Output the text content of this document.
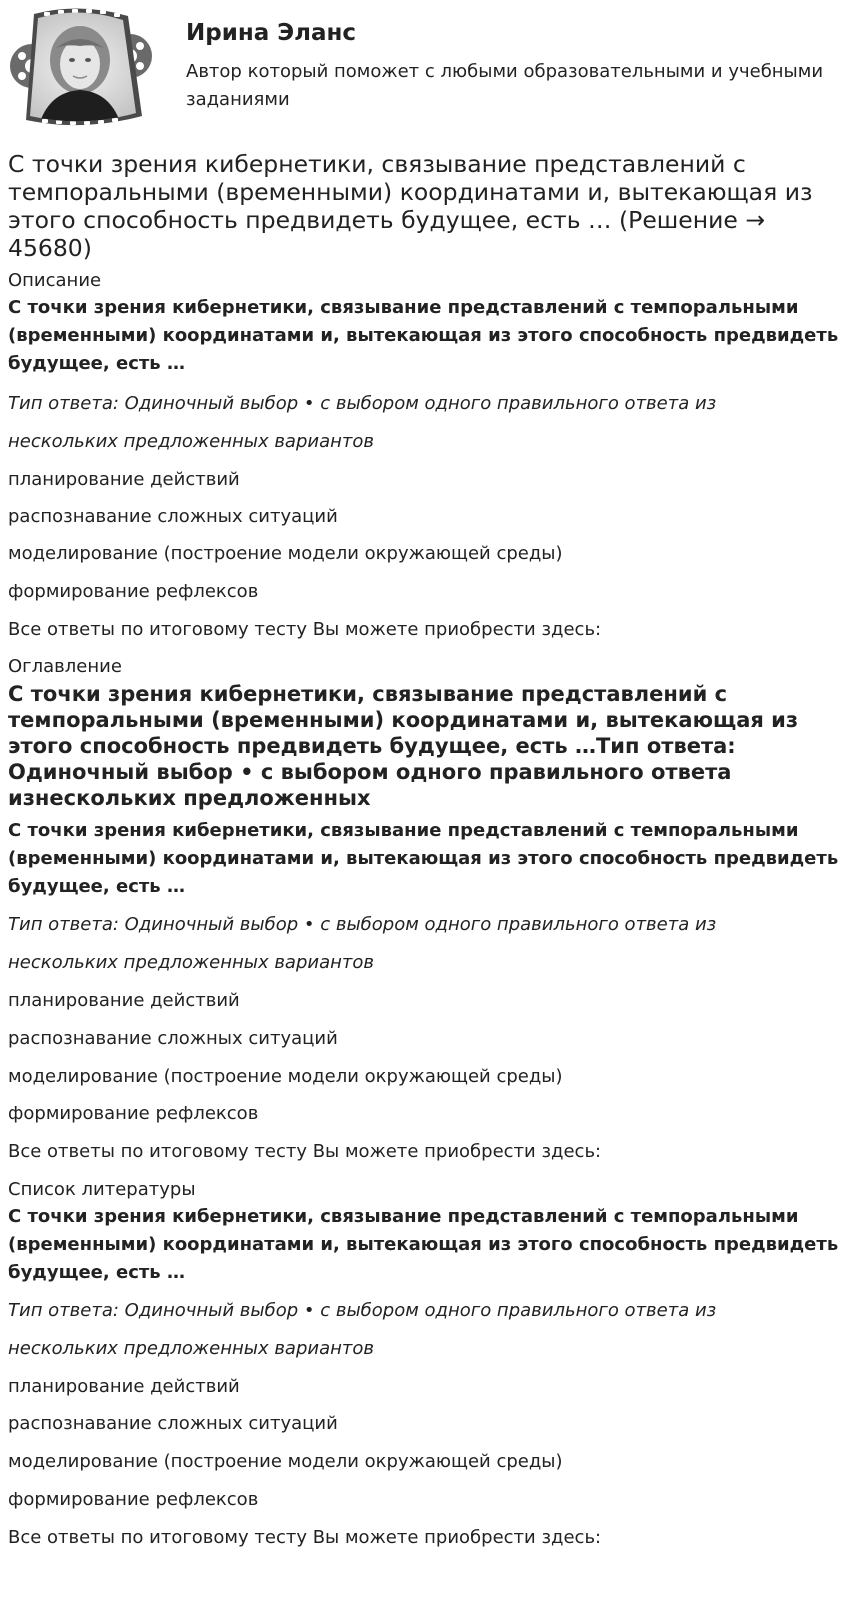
Ирина Эланс
Автор который поможет с любыми образовательными и учебными заданиями
С точки зрения кибернетики, связывание представлений с темпоральными (временными) координатами и, вытекающая из этого способность предвидеть будущее, есть … (Решение → 45680)
Описание
С точки зрения кибернетики, связывание представлений с темпоральными (временными) координатами и, вытекающая из этого способность предвидеть будущее, есть …
Тип ответа: Одиночный выбор • с выбором одного правильного ответа из
нескольких предложенных вариантов
планирование действий
распознавание сложных ситуаций
моделирование (построение модели окружающей среды)
формирование рефлексов
Все ответы по итоговому тесту Вы можете приобрести здесь:
Оглавление
С точки зрения кибернетики, связывание представлений с темпоральными (временными) координатами и, вытекающая из этого способность предвидеть будущее, есть …Тип ответа: Одиночный выбор • с выбором одного правильного ответа изнескольких предложенных
С точки зрения кибернетики, связывание представлений с темпоральными (временными) координатами и, вытекающая из этого способность предвидеть будущее, есть …
Тип ответа: Одиночный выбор • с выбором одного правильного ответа из
нескольких предложенных вариантов
планирование действий
распознавание сложных ситуаций
моделирование (построение модели окружающей среды)
формирование рефлексов
Все ответы по итоговому тесту Вы можете приобрести здесь:
Список литературы
С точки зрения кибернетики, связывание представлений с темпоральными (временными) координатами и, вытекающая из этого способность предвидеть будущее, есть …
Тип ответа: Одиночный выбор • с выбором одного правильного ответа из
нескольких предложенных вариантов
планирование действий
распознавание сложных ситуаций
моделирование (построение модели окружающей среды)
формирование рефлексов
Все ответы по итоговому тесту Вы можете приобрести здесь:
